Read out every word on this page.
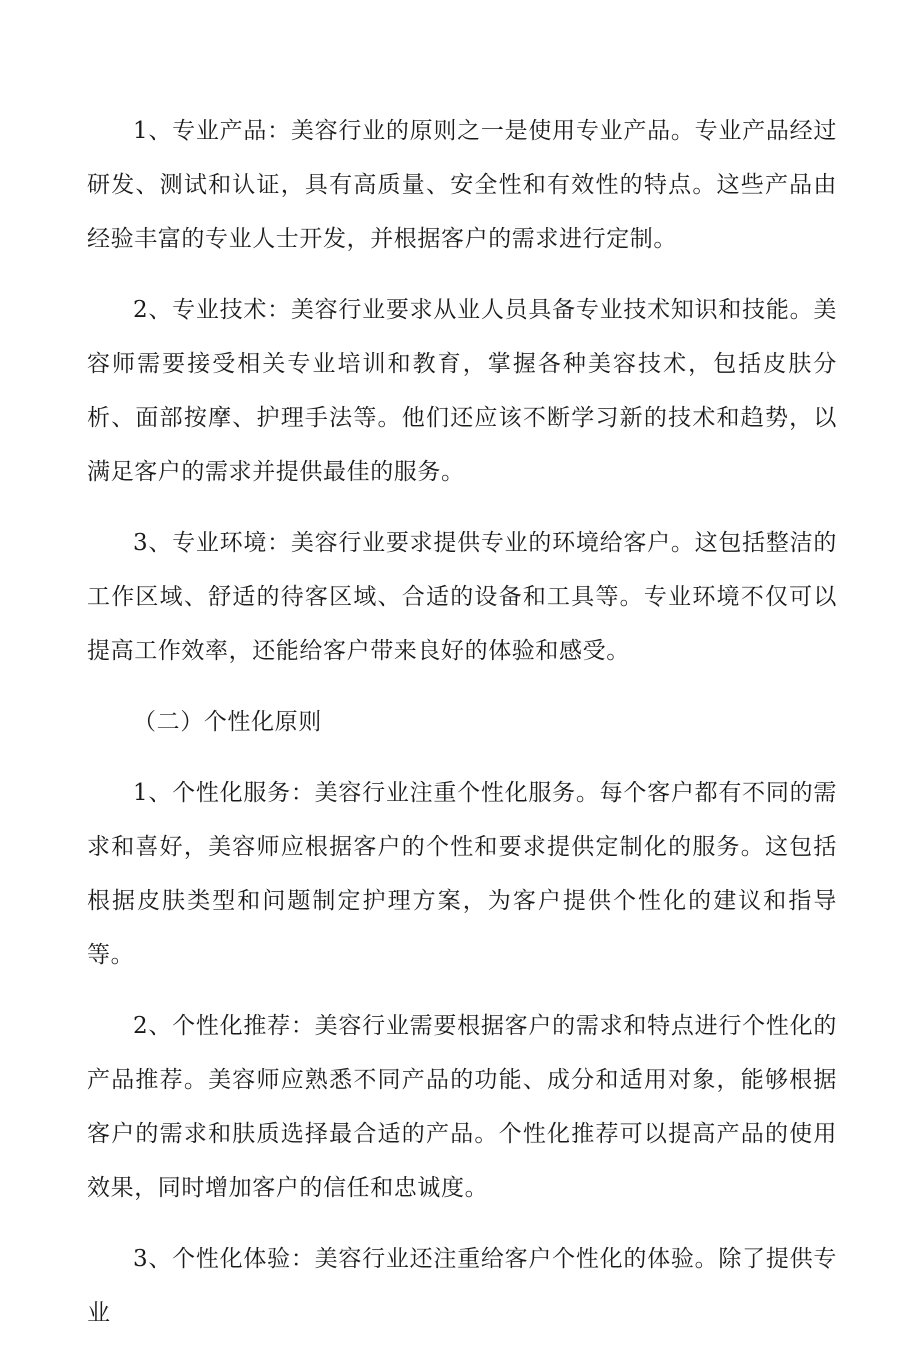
1、专业产品：美容行业的原则之一是使用专业产品。专业产品经过研发、测试和认证，具有高质量、安全性和有效性的特点。这些产品由经验丰富的专业人士开发，并根据客户的需求进行定制。

2、专业技术：美容行业要求从业人员具备专业技术知识和技能。美容师需要接受相关专业培训和教育，掌握各种美容技术，包括皮肤分析、面部按摩、护理手法等。他们还应该不断学习新的技术和趋势，以满足客户的需求并提供最佳的服务。

3、专业环境：美容行业要求提供专业的环境给客户。这包括整洁的工作区域、舒适的待客区域、合适的设备和工具等。专业环境不仅可以提高工作效率，还能给客户带来良好的体验和感受。

（二）个性化原则

1、个性化服务：美容行业注重个性化服务。每个客户都有不同的需求和喜好，美容师应根据客户的个性和要求提供定制化的服务。这包括根据皮肤类型和问题制定护理方案，为客户提供个性化的建议和指导等。

2、个性化推荐：美容行业需要根据客户的需求和特点进行个性化的产品推荐。美容师应熟悉不同产品的功能、成分和适用对象，能够根据客户的需求和肤质选择最合适的产品。个性化推荐可以提高产品的使用效果，同时增加客户的信任和忠诚度。

3、个性化体验：美容行业还注重给客户个性化的体验。除了提供专业
